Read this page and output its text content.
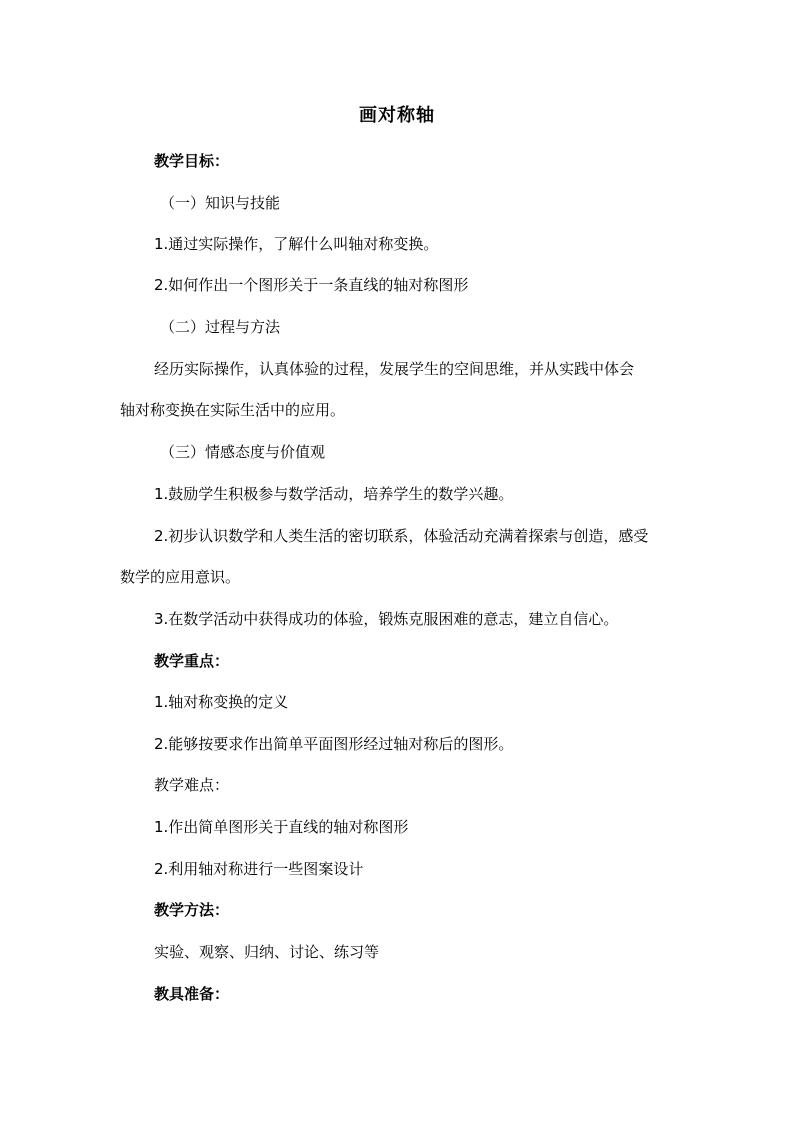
画对称轴
教学目标：
（一）知识与技能
1.通过实际操作，了解什么叫轴对称变换。
2.如何作出一个图形关于一条直线的轴对称图形
（二）过程与方法
经历实际操作，认真体验的过程，发展学生的空间思维，并从实践中体会
轴对称变换在实际生活中的应用。
（三）情感态度与价值观
1.鼓励学生积极参与数学活动，培养学生的数学兴趣。
2.初步认识数学和人类生活的密切联系，体验活动充满着探索与创造，感受
数学的应用意识。
3.在数学活动中获得成功的体验，锻炼克服困难的意志，建立自信心。
教学重点：
1.轴对称变换的定义
2.能够按要求作出简单平面图形经过轴对称后的图形。
教学难点：
1.作出简单图形关于直线的轴对称图形
2.利用轴对称进行一些图案设计
教学方法：
实验、观察、归纳、讨论、练习等
教具准备：
